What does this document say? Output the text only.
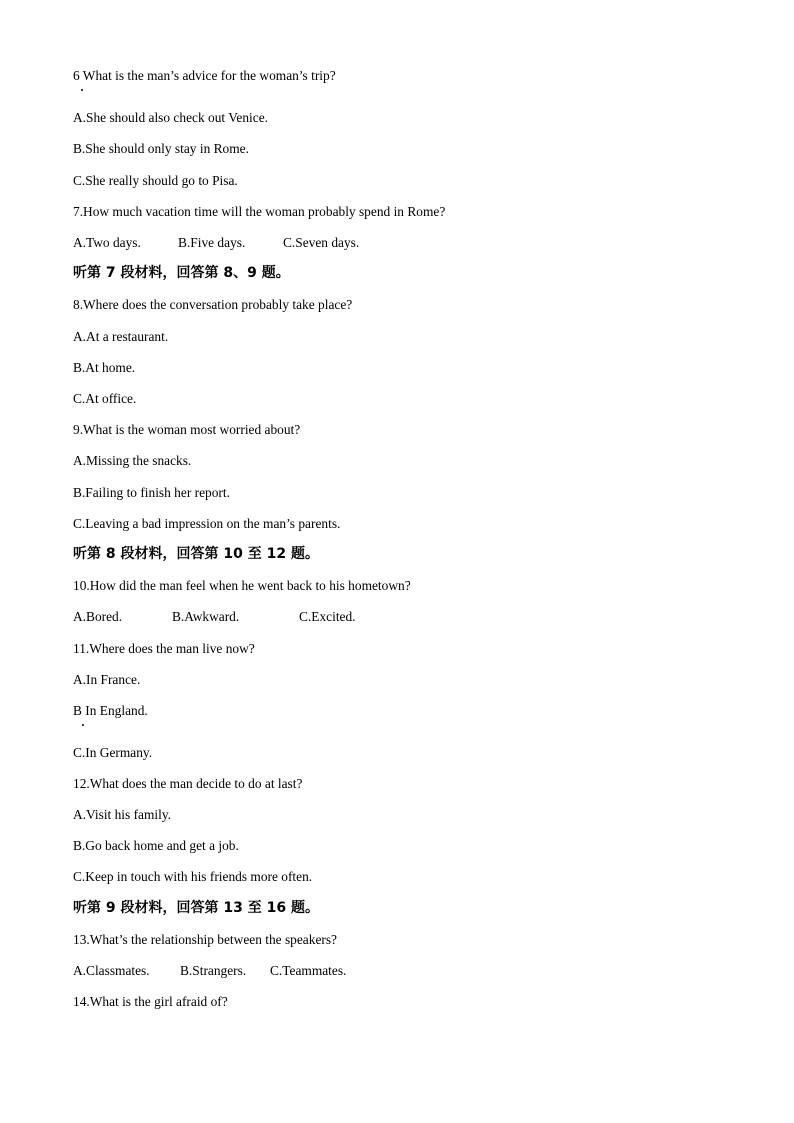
6 What is the man’s advice for the woman’s trip?
A.She should also check out Venice.
B.She should only stay in Rome.
C.She really should go to Pisa.
7.How much vacation time will the woman probably spend in Rome?

A.Two days.

	B.Five days.

	C.Seven days.

听第 7 段材料，回答第 8、9 题。
8.Where does the conversation probably take place?
A.At a restaurant.
B.At home.
C.At office.
9.What is the woman most worried about?
A.Missing the snacks.
B.Failing to finish her report.
C.Leaving a bad impression on the man’s parents.
听第 8 段材料，回答第 10 至 12 题。
10.How did the man feel when he went back to his hometown?

A.Bored.

	B.Awkward.

	C.Excited.

11.Where does the man live now?
A.In France.
B In England.
C.In Germany.
12.What does the man decide to do at last?
A.Visit his family.
B.Go back home and get a job.
C.Keep in touch with his friends more often.
听第 9 段材料，回答第 13 至 16 题。
13.What’s the relationship between the speakers?

A.Classmates.

B.Strangers.

C.Teammates.

14.What is the girl afraid of?
